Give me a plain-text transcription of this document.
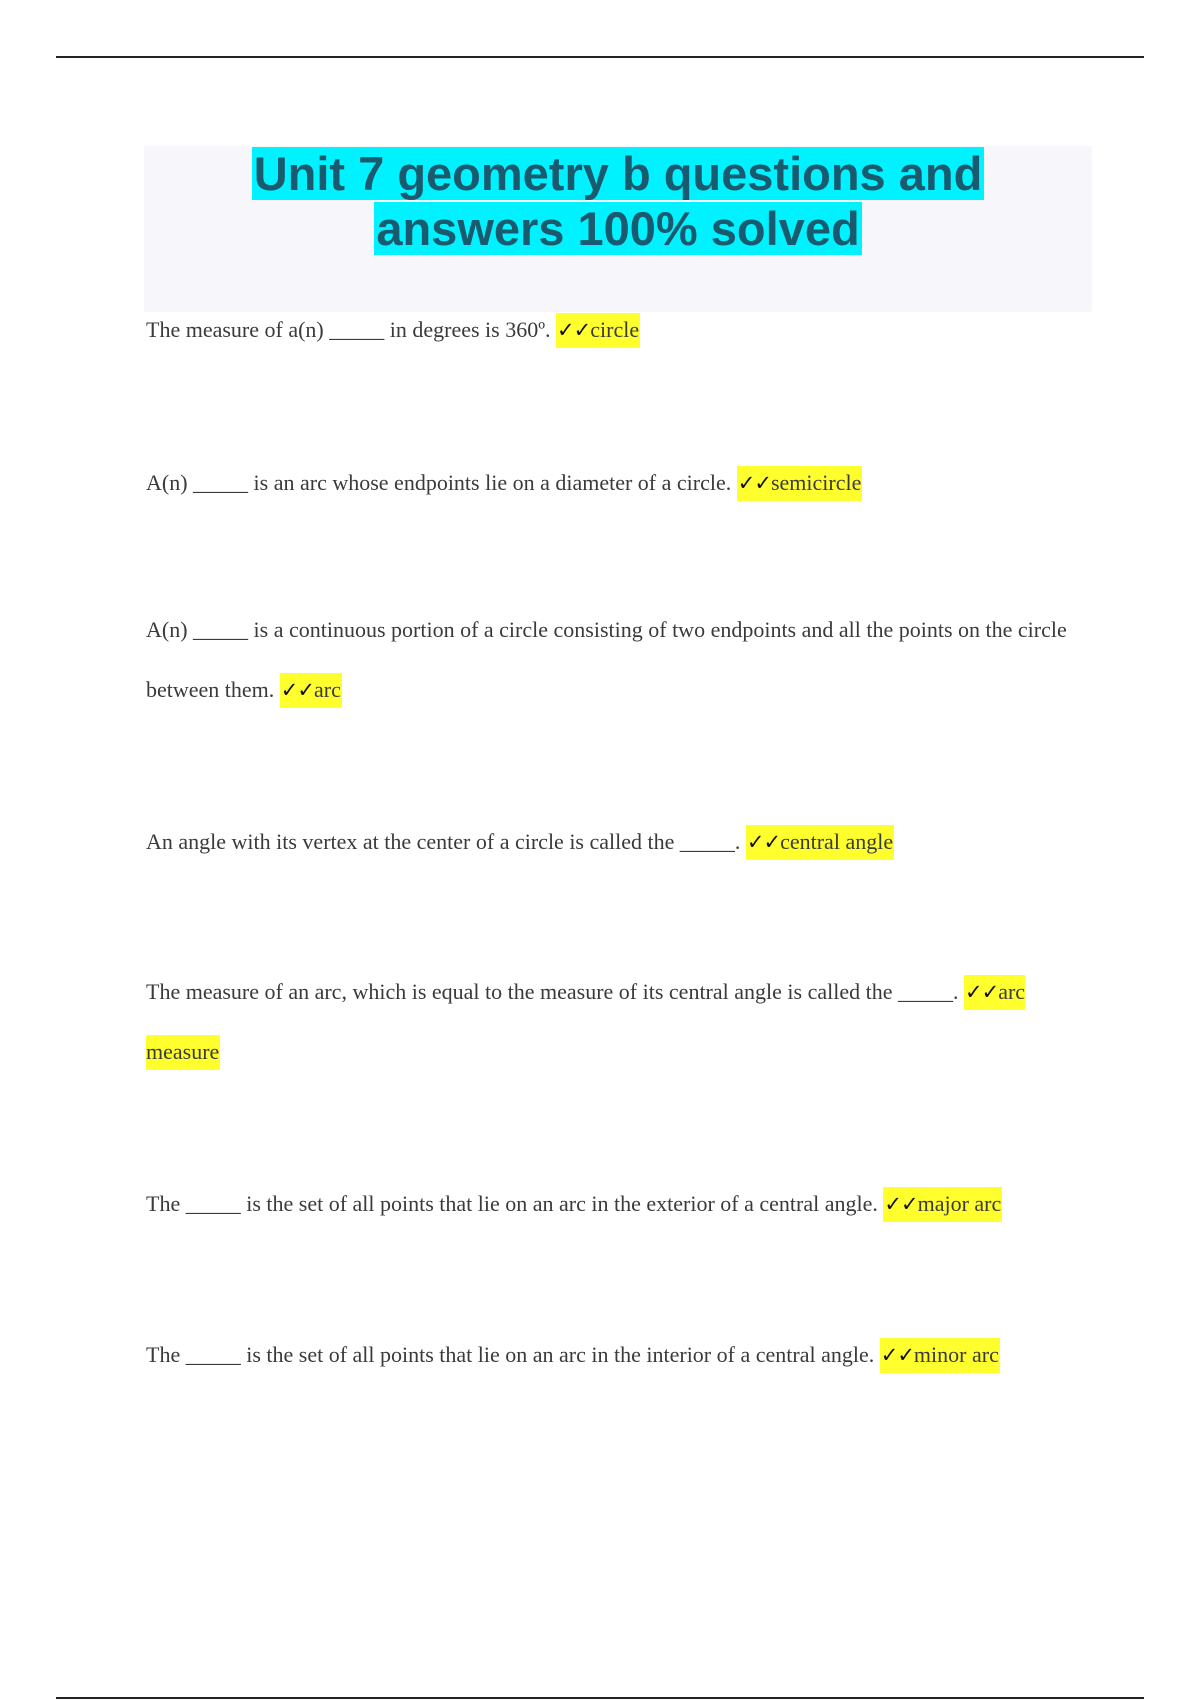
Unit 7 geometry b questions and answers 100% solved

The measure of a(n) _____ in degrees is 360º. ✓✓circle

A(n) _____ is an arc whose endpoints lie on a diameter of a circle. ✓✓semicircle

A(n) _____ is a continuous portion of a circle consisting of two endpoints and all the points on the circle between them. ✓✓arc

An angle with its vertex at the center of a circle is called the _____. ✓✓central angle

The measure of an arc, which is equal to the measure of its central angle is called the _____. ✓✓arc measure

The _____ is the set of all points that lie on an arc in the exterior of a central angle. ✓✓major arc

The _____ is the set of all points that lie on an arc in the interior of a central angle. ✓✓minor arc
